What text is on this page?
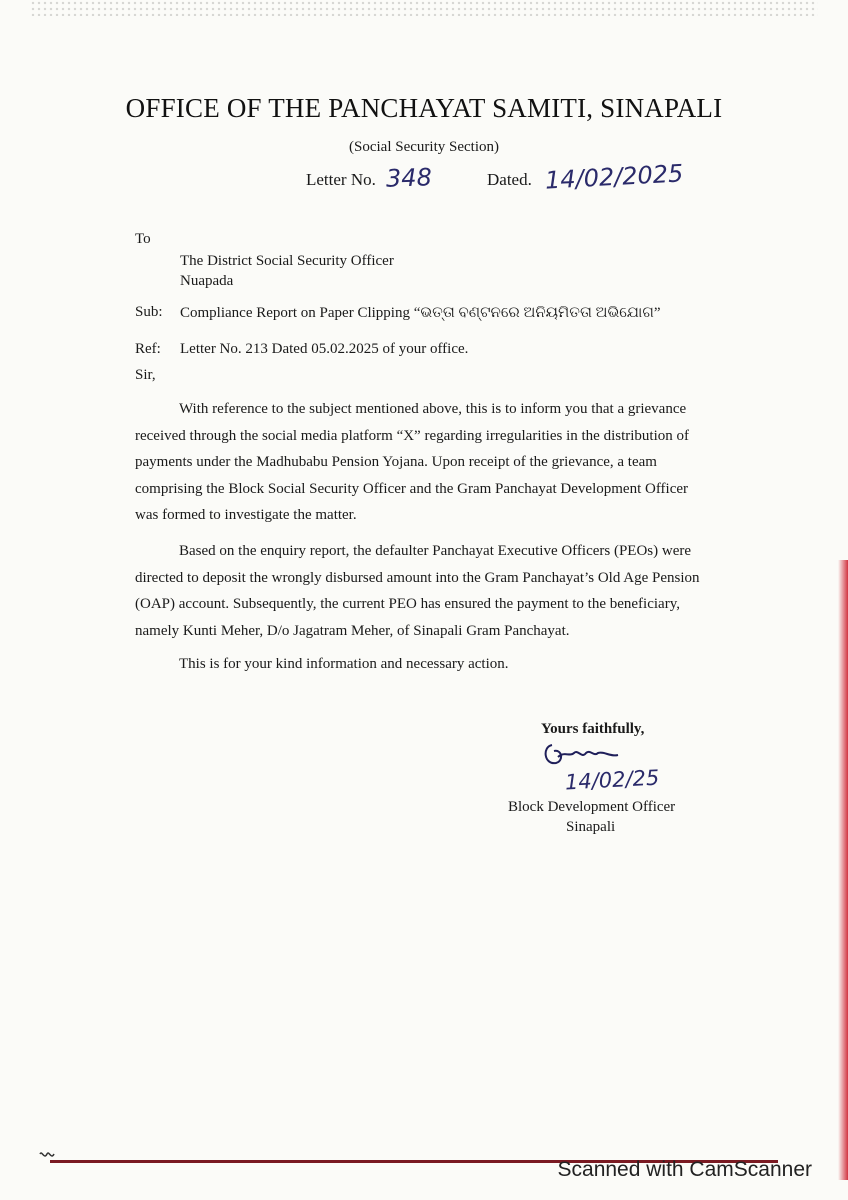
OFFICE OF THE PANCHAYAT SAMITI, SINAPALI
(Social Security Section)
Letter No. 348	Dated. 14/02/2025
To
The District Social Security Officer
Nuapada
Sub: Compliance Report on Paper Clipping “ଭତ୍ତା ବଣ୍ଟନରେ ଅନିୟମିତତା ଅଭିଯୋଗ”
Ref: Letter No. 213 Dated 05.02.2025 of your office.
Sir,
With reference to the subject mentioned above, this is to inform you that a grievance
received through the social media platform “X” regarding irregularities in the distribution of
payments under the Madhubabu Pension Yojana. Upon receipt of the grievance, a team
comprising the Block Social Security Officer and the Gram Panchayat Development Officer
was formed to investigate the matter.
Based on the enquiry report, the defaulter Panchayat Executive Officers (PEOs) were
directed to deposit the wrongly disbursed amount into the Gram Panchayat’s Old Age Pension
(OAP) account. Subsequently, the current PEO has ensured the payment to the beneficiary,
namely Kunti Meher, D/o Jagatram Meher, of Sinapali Gram Panchayat.
This is for your kind information and necessary action.
Yours faithfully,
14/02/25
Block Development Officer
Sinapali
Scanned with CamScanner
